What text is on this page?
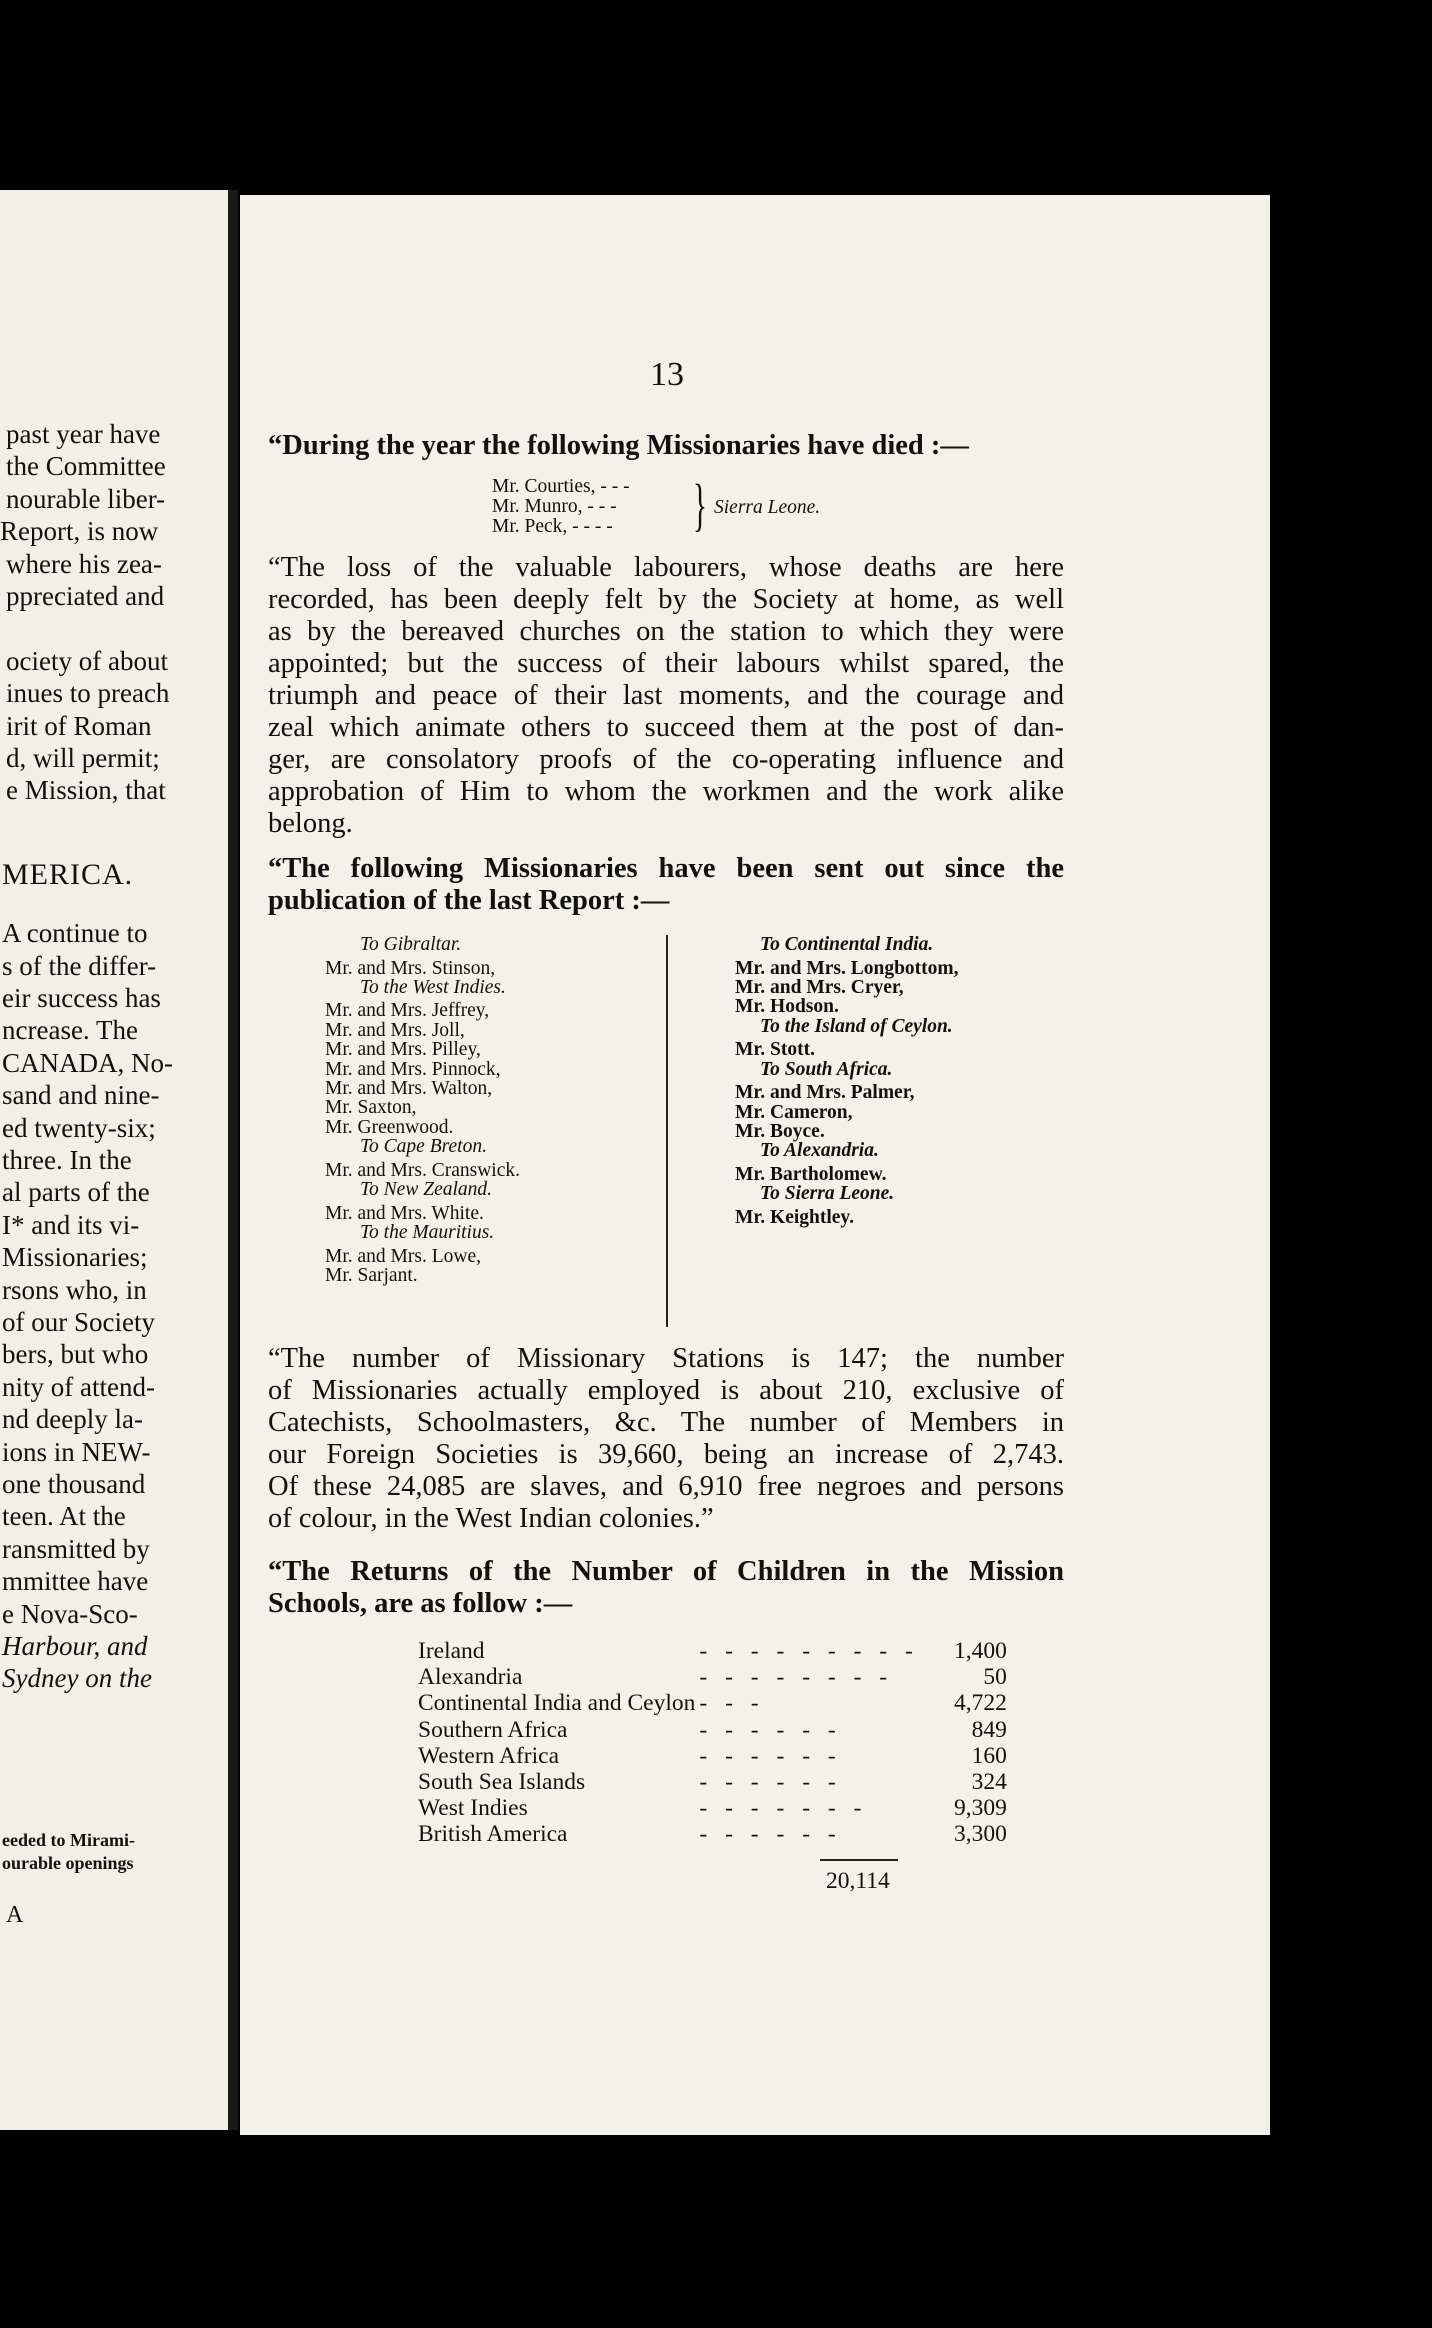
past year have
the Committee
nourable liber-
Report, is now
where his zea-
ppreciated and
ociety of about
inues to preach
irit of Roman
d, will permit;
e Mission, that
MERICA.
A continue to
s of the differ-
eir success has
ncrease. The
CANADA, No-
sand and nine-
ed twenty-six;
three. In the
al parts of the
I* and its vi-
Missionaries;
rsons who, in
of our Society
bers, but who
nity of attend-
nd deeply la-
ions in NEW-
one thousand
teen. At the
ransmitted by
mmittee have
e Nova-Sco-
Harbour, and
Sydney on the
eeded to Mirami-
ourable openings
A
13
“During the year the following Missionaries have died :—
Mr. Courties, - - -
Mr. Munro, - - -
Mr. Peck, - - - - } Sierra Leone.
“The loss of the valuable labourers, whose deaths are here
recorded, has been deeply felt by the Society at home, as well
as by the bereaved churches on the station to which they were
appointed; but the success of their labours whilst spared, the
triumph and peace of their last moments, and the courage and
zeal which animate others to succeed them at the post of dan-
ger, are consolatory proofs of the co-operating influence and
approbation of Him to whom the workmen and the work alike
belong.
“The following Missionaries have been sent out since the
publication of the last Report :—
To Gibraltar.
Mr. and Mrs. Stinson,
To the West Indies.
Mr. and Mrs. Jeffrey,
Mr. and Mrs. Joll,
Mr. and Mrs. Pilley,
Mr. and Mrs. Pinnock,
Mr. and Mrs. Walton,
Mr. Saxton,
Mr. Greenwood.
To Cape Breton.
Mr. and Mrs. Cranswick.
To New Zealand.
Mr. and Mrs. White.
To the Mauritius.
Mr. and Mrs. Lowe,
Mr. Sarjant.
To Continental India.
Mr. and Mrs. Longbottom,
Mr. and Mrs. Cryer,
Mr. Hodson.
To the Island of Ceylon.
Mr. Stott.
To South Africa.
Mr. and Mrs. Palmer,
Mr. Cameron,
Mr. Boyce.
To Alexandria.
Mr. Bartholomew.
To Sierra Leone.
Mr. Keightley.
“The number of Missionary Stations is 147; the number
of Missionaries actually employed is about 210, exclusive of
Catechists, Schoolmasters, &c. The number of Members in
our Foreign Societies is 39,660, being an increase of 2,743.
Of these 24,085 are slaves, and 6,910 free negroes and persons
of colour, in the West Indian colonies.”
“The Returns of the Number of Children in the Mission
Schools, are as follow :—
Ireland	- - - - - - - - -	1,400
Alexandria	- - - - - - - -	50
Continental India and Ceylon	- - -	4,722
Southern Africa	- - - - - -	849
Western Africa	- - - - - -	160
South Sea Islands	- - - - - -	324
West Indies	- - - - - - -	9,309
British America	- - - - - -	3,300
20,114
